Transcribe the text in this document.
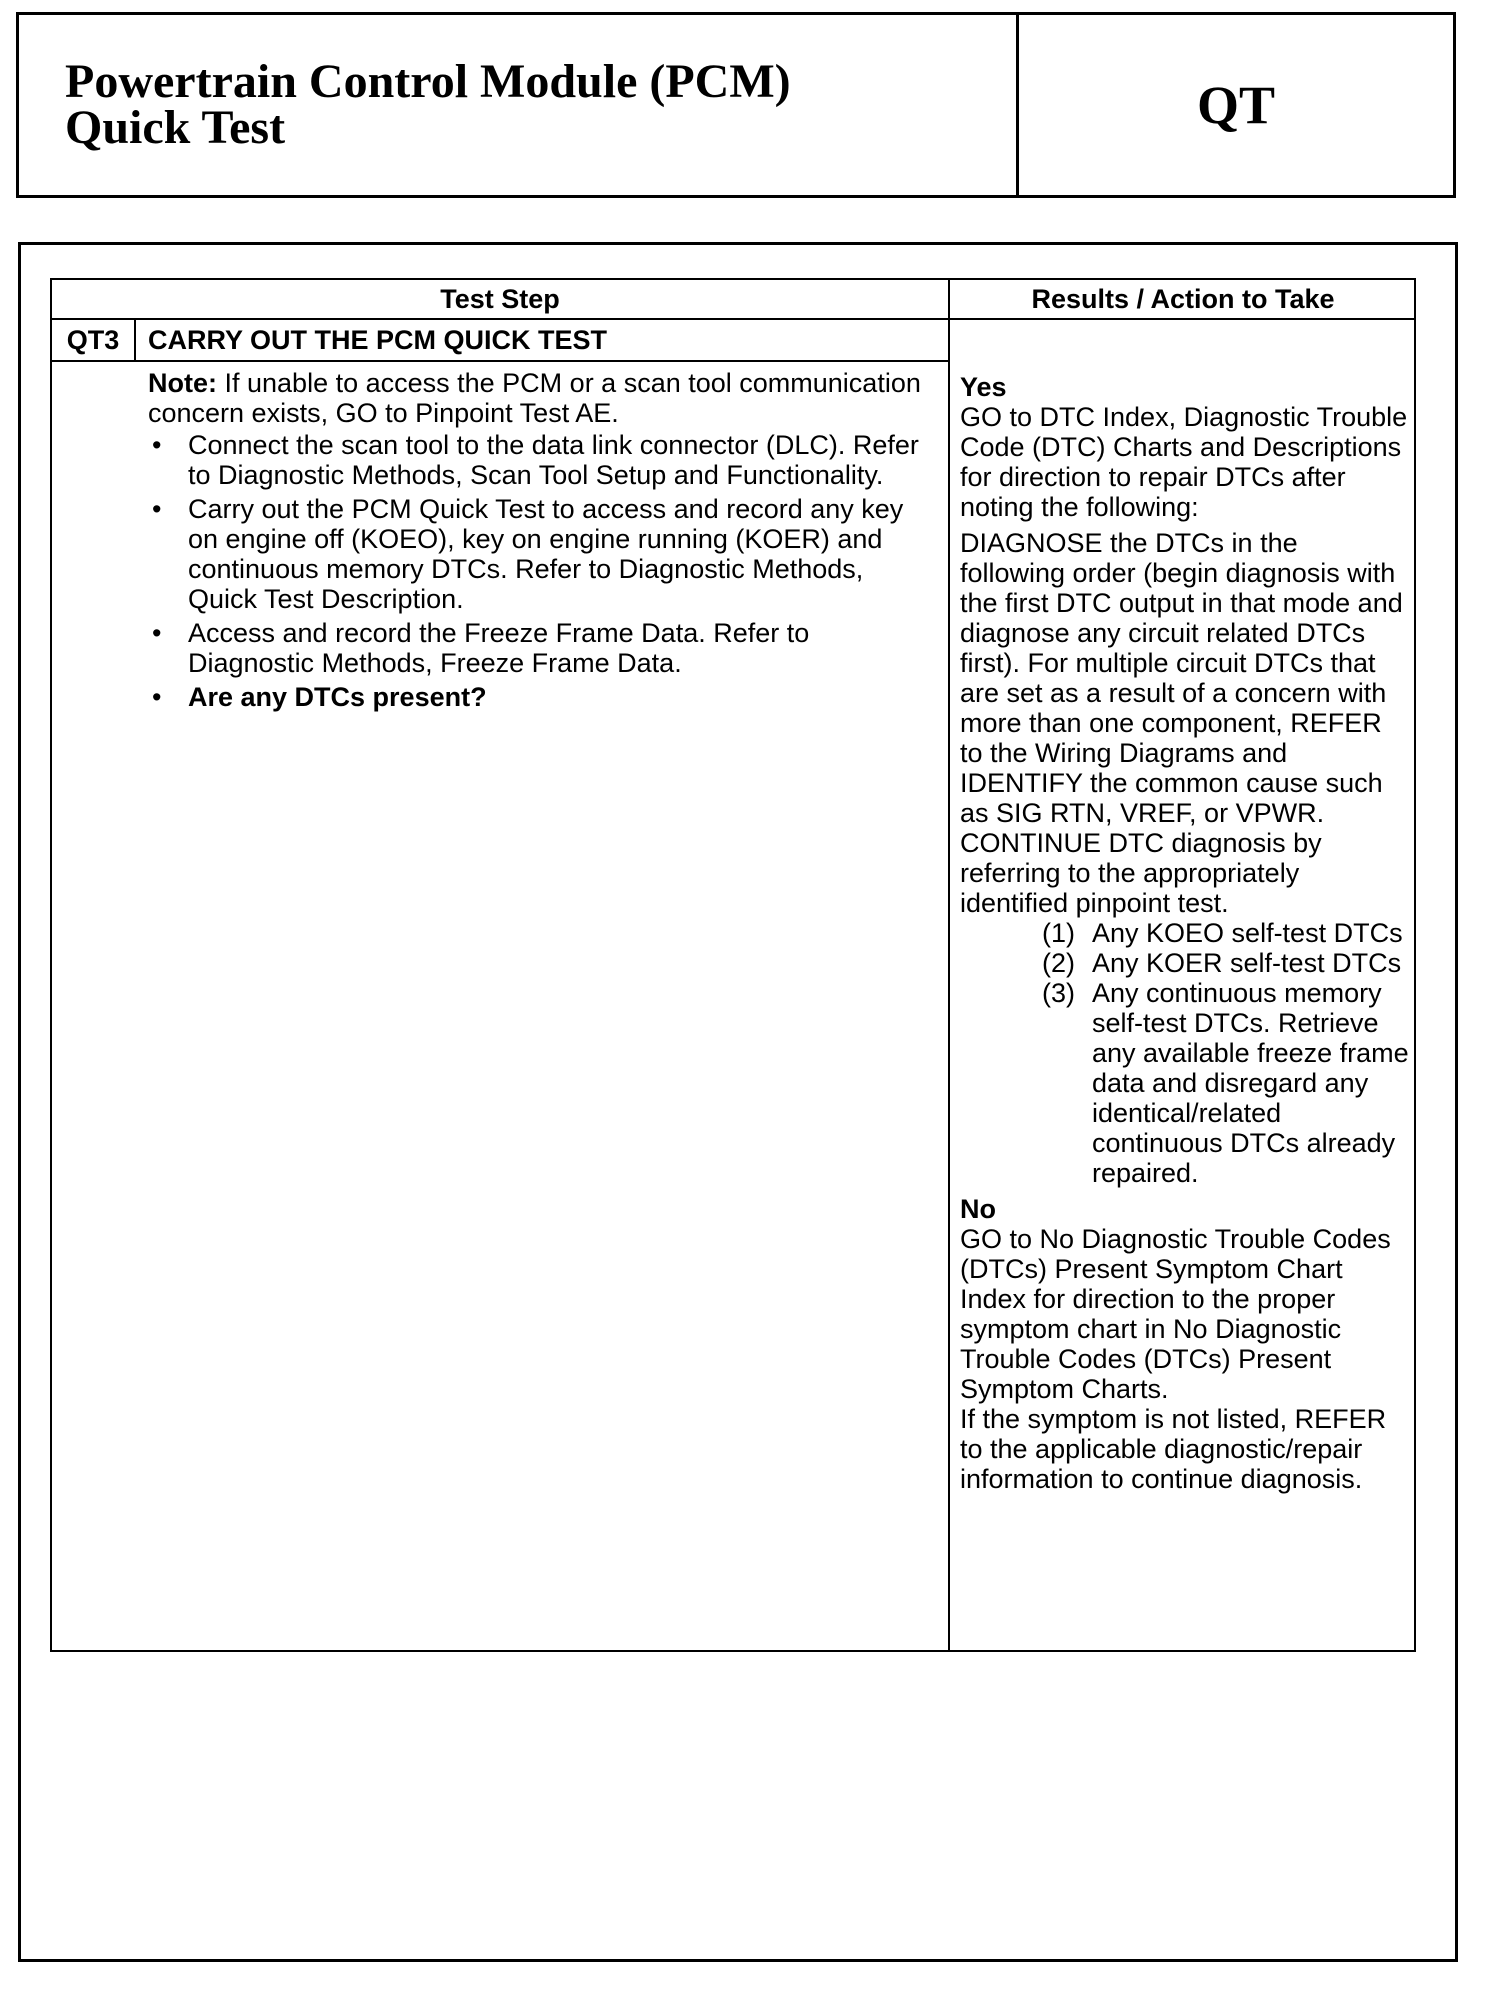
Powertrain Control Module (PCM)
Quick Test	QT
Test Step	Results / Action to Take
QT3	CARRY OUT THE PCM QUICK TEST

Note: If unable to access the PCM or a scan tool communication concern exists, GO to Pinpoint Test AE.

• Connect the scan tool to the data link connector (DLC). Refer to Diagnostic Methods, Scan Tool Setup and Functionality.
• Carry out the PCM Quick Test to access and record any key on engine off (KOEO), key on engine running (KOER) and continuous memory DTCs. Refer to Diagnostic Methods, Quick Test Description.
• Access and record the Freeze Frame Data. Refer to Diagnostic Methods, Freeze Frame Data.
• Are any DTCs present?

Yes

GO to DTC Index, Diagnostic Trouble Code (DTC) Charts and Descriptions for direction to repair DTCs after noting the following:

DIAGNOSE the DTCs in the following order (begin diagnosis with the first DTC output in that mode and diagnose any circuit related DTCs first). For multiple circuit DTCs that are set as a result of a concern with more than one component, REFER to the Wiring Diagrams and IDENTIFY the common cause such as SIG RTN, VREF, or VPWR. CONTINUE DTC diagnosis by referring to the appropriately identified pinpoint test.

(1) Any KOEO self-test DTCs
(2) Any KOER self-test DTCs
(3) Any continuous memory self-test DTCs. Retrieve any available freeze frame data and disregard any identical/related continuous DTCs already repaired.

No

GO to No Diagnostic Trouble Codes (DTCs) Present Symptom Chart Index for direction to the proper symptom chart in No Diagnostic Trouble Codes (DTCs) Present Symptom Charts.

If the symptom is not listed, REFER to the applicable diagnostic/repair information to continue diagnosis.
